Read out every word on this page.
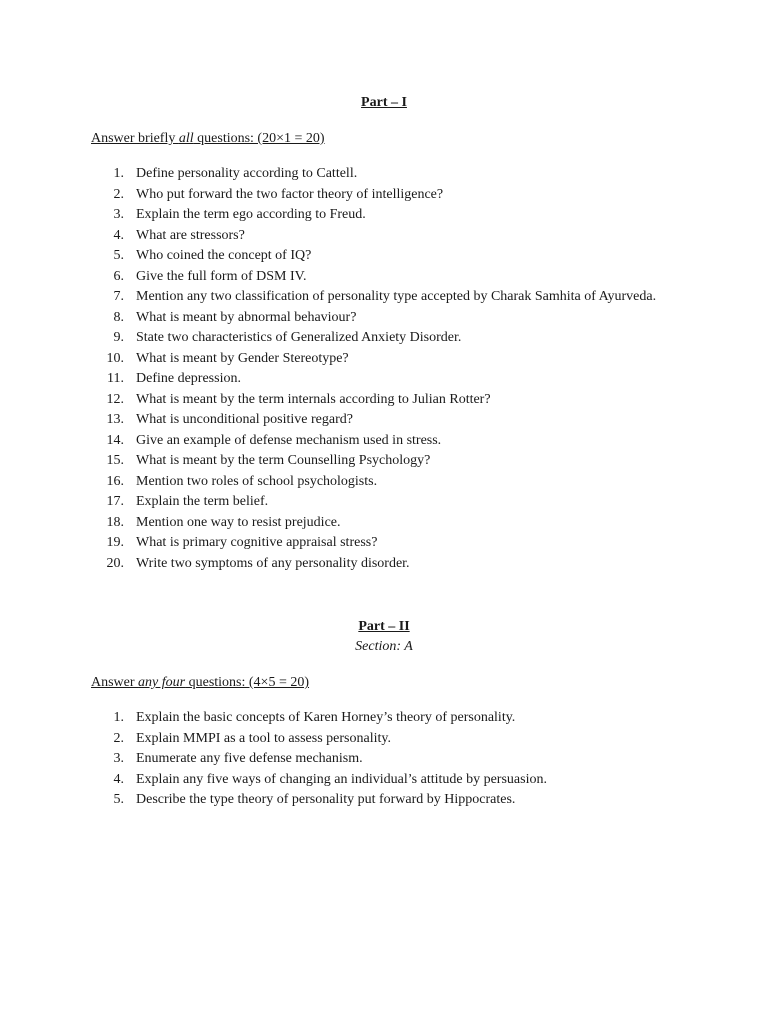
Part – I
Answer briefly all questions: (20×1 = 20)
1. Define personality according to Cattell.
2. Who put forward the two factor theory of intelligence?
3. Explain the term ego according to Freud.
4. What are stressors?
5. Who coined the concept of IQ?
6. Give the full form of DSM IV.
7. Mention any two classification of personality type accepted by Charak Samhita of Ayurveda.
8. What is meant by abnormal behaviour?
9. State two characteristics of Generalized Anxiety Disorder.
10. What is meant by Gender Stereotype?
11. Define depression.
12. What is meant by the term internals according to Julian Rotter?
13. What is unconditional positive regard?
14. Give an example of defense mechanism used in stress.
15. What is meant by the term Counselling Psychology?
16. Mention two roles of school psychologists.
17. Explain the term belief.
18. Mention one way to resist prejudice.
19. What is primary cognitive appraisal stress?
20. Write two symptoms of any personality disorder.
Part – II
Section: A
Answer any four questions: (4×5 = 20)
1. Explain the basic concepts of Karen Horney’s theory of personality.
2. Explain MMPI as a tool to assess personality.
3. Enumerate any five defense mechanism.
4. Explain any five ways of changing an individual’s attitude by persuasion.
5. Describe the type theory of personality put forward by Hippocrates.
